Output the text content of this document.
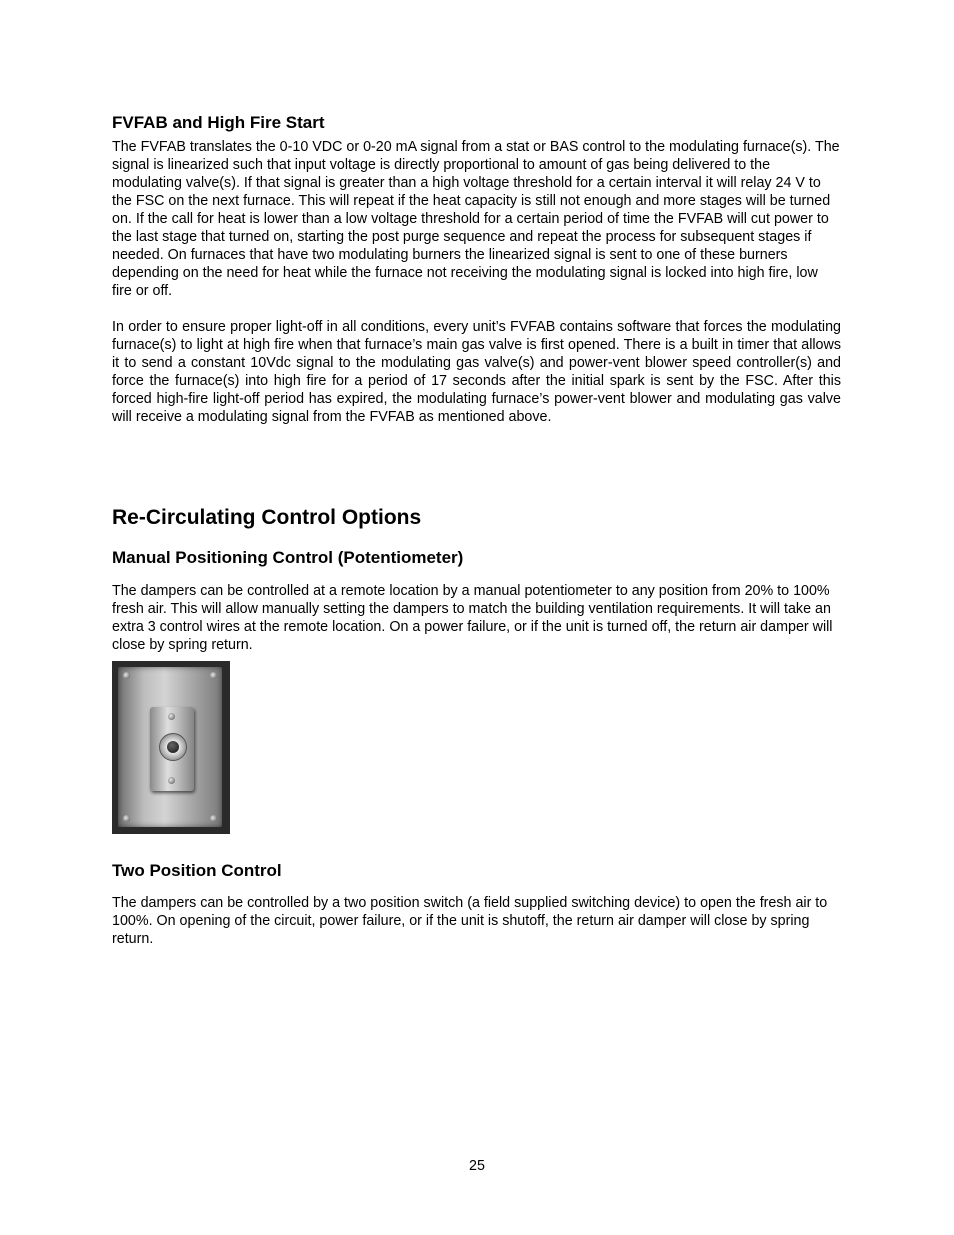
FVFAB and High Fire Start

The FVFAB translates the 0-10 VDC or 0-20 mA signal from a stat or BAS control to the modulating furnace(s). The signal is linearized such that input voltage is directly proportional to amount of gas being delivered to the modulating valve(s). If that signal is greater than a high voltage threshold for a certain interval it will relay 24 V to the FSC on the next furnace. This will repeat if the heat capacity is still not enough and more stages will be turned on. If the call for heat is lower than a low voltage threshold for a certain period of time the FVFAB will cut power to the last stage that turned on, starting the post purge sequence and repeat the process for subsequent stages if needed. On furnaces that have two modulating burners the linearized signal is sent to one of these burners depending on the need for heat while the furnace not receiving the modulating signal is locked into high fire, low fire or off.

In order to ensure proper light-off in all conditions, every unit’s FVFAB contains software that forces the modulating furnace(s) to light at high fire when that furnace’s main gas valve is first opened. There is a built in timer that allows it to send a constant 10Vdc signal to the modulating gas valve(s) and power-vent blower speed controller(s) and force the furnace(s) into high fire for a period of 17 seconds after the initial spark is sent by the FSC. After this forced high-fire light-off period has expired, the modulating furnace’s power-vent blower and modulating gas valve will receive a modulating signal from the FVFAB as mentioned above.

Re-Circulating Control Options
Manual Positioning Control (Potentiometer)

The dampers can be controlled at a remote location by a manual potentiometer to any position from 20% to 100% fresh air. This will allow manually setting the dampers to match the building ventilation requirements. It will take an extra 3 control wires at the remote location. On a power failure, or if the unit is turned off, the return air damper will close by spring return.

Two Position Control

The dampers can be controlled by a two position switch (a field supplied switching device) to open the fresh air to 100%. On opening of the circuit, power failure, or if the unit is shutoff, the return air damper will close by spring return.

25
